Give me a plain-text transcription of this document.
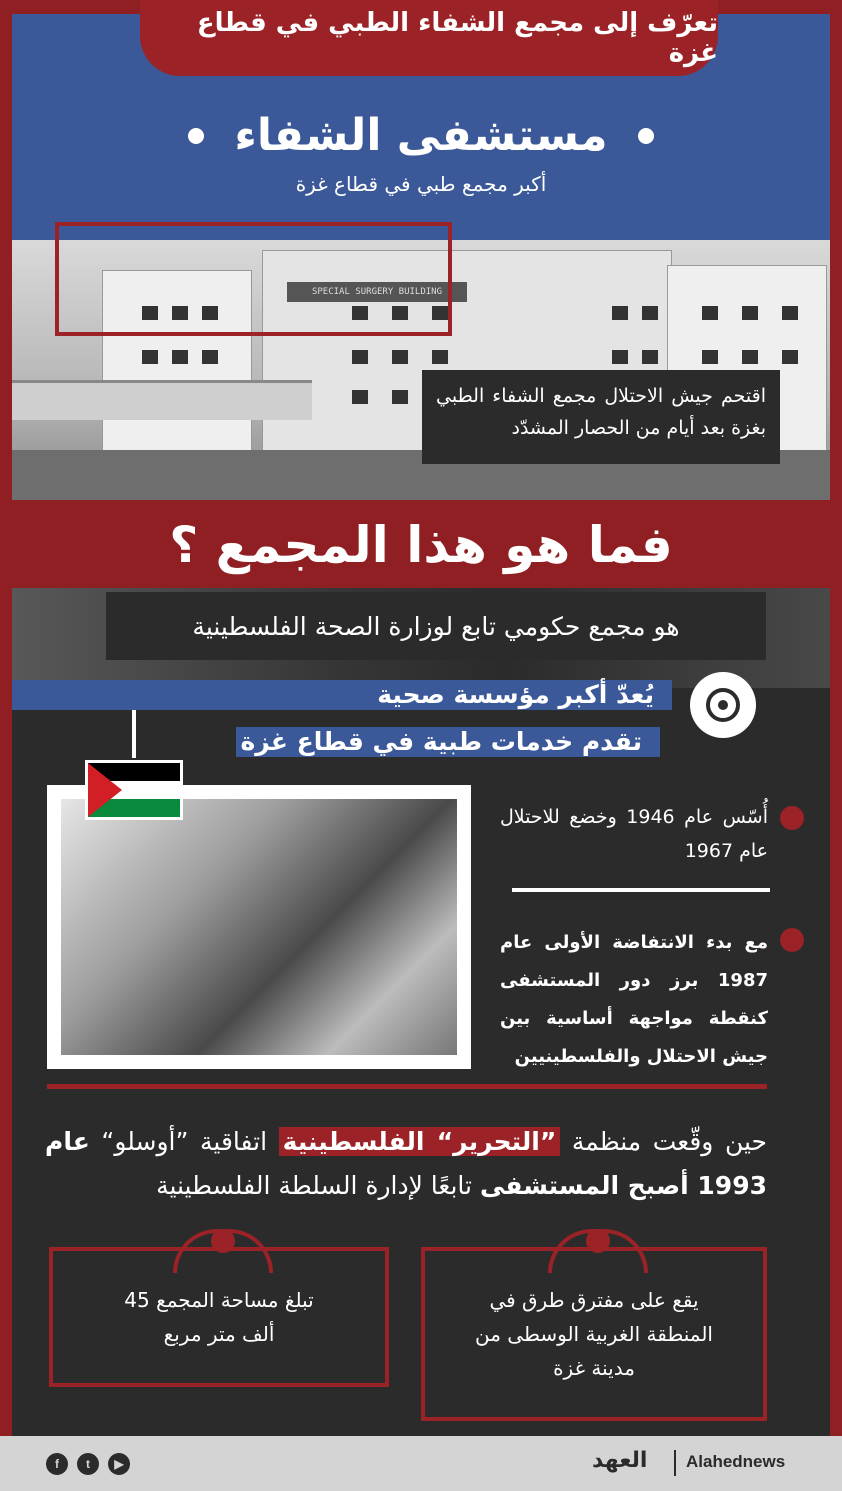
تعرّف إلى مجمع الشفاء الطبي في قطاع غزة
مستشفى الشفاء
أكبر مجمع طبي في قطاع غزة
SPECIAL SURGERY BUILDING
اقتحم جيش الاحتلال مجمع الشفاء الطبي بغزة بعد أيام من الحصار المشدّد
فما هو هذا المجمع ؟
هو مجمع حكومي تابع لوزارة الصحة الفلسطينية
يُعدّ أكبر مؤسسة صحية
تقدم خدمات طبية في قطاع غزة
أُسّس عام 1946 وخضع للاحتلال عام 1967
مع بدء الانتفاضة الأولى عام 1987 برز دور المستشفى كنقطة مواجهة أساسية بين جيش الاحتلال والفلسطينيين
حين وقّعت منظمة ”التحرير“ الفلسطينية اتفاقية ”أوسلو“ عام 1993 أصبح المستشفى تابعًا لإدارة السلطة الفلسطينية
يقع على مفترق طرق في المنطقة الغربية الوسطى من مدينة غزة
تبلغ مساحة المجمع 45 ألف متر مربع
Alahednews
العهد
▶
t
f
